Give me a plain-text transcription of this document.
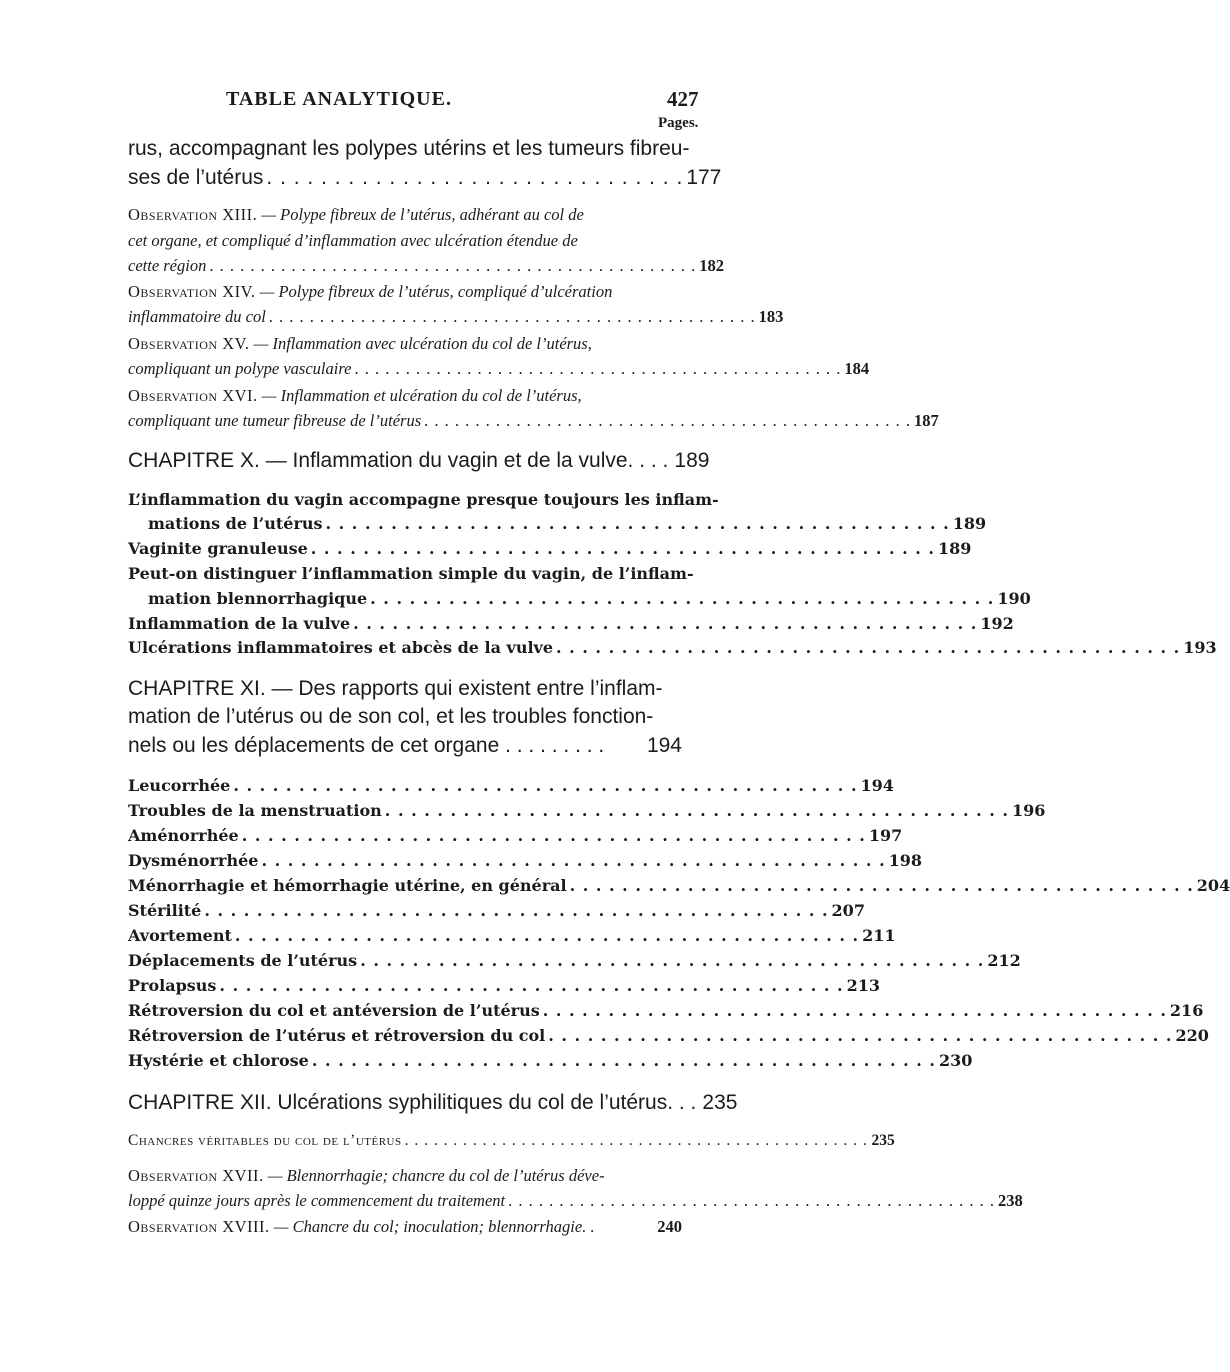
TABLE ANALYTIQUE.	427
Pages.
rus, accompagnant les polypes utérins et les tumeurs fibreu-
ses de l’utérus . . . . . . . . . . . . . . . . . . . . . . . . . . . . . . . 177
Observation XIII. — Polype fibreux de l’utérus, adhérant au col de
cet organe, et compliqué d’inflammation avec ulcération étendue de
cette région . . . . . . . . . . . . . . . . . . . . . . . . . . . . . . . . . . . . . . . . . . . . . . . . 182
Observation XIV. — Polype fibreux de l’utérus, compliqué d’ulcération
inflammatoire du col . . . . . . . . . . . . . . . . . . . . . . . . . . . . . . . . . . . . . . . . . . . . . . . . 183
Observation XV. — Inflammation avec ulcération du col de l’utérus,
compliquant un polype vasculaire . . . . . . . . . . . . . . . . . . . . . . . . . . . . . . . . . . . . . . . . . . . . . . . . 184
Observation XVI. — Inflammation et ulcération du col de l’utérus,
compliquant une tumeur fibreuse de l’utérus . . . . . . . . . . . . . . . . . . . . . . . . . . . . . . . . . . . . . . . . . . . . . . . . 187
CHAPITRE X. — Inflammation du vagin et de la vulve. . . . 189
L’inflammation du vagin accompagne presque toujours les inflam-
mations de l’utérus . . . . . . . . . . . . . . . . . . . . . . . . . . . . . . . . . . . . . . . . . . . . . . . . 189
Vaginite granuleuse . . . . . . . . . . . . . . . . . . . . . . . . . . . . . . . . . . . . . . . . . . . . . . . . 189
Peut-on distinguer l’inflammation simple du vagin, de l’inflam-
mation blennorrhagique . . . . . . . . . . . . . . . . . . . . . . . . . . . . . . . . . . . . . . . . . . . . . . . . 190
Inflammation de la vulve . . . . . . . . . . . . . . . . . . . . . . . . . . . . . . . . . . . . . . . . . . . . . . . . 192
Ulcérations inflammatoires et abcès de la vulve . . . . . . . . . . . . . . . . . . . . . . . . . . . . . . . . . . . . . . . . . . . . . . . . 193
CHAPITRE XI. — Des rapports qui existent entre l’inflam-
mation de l’utérus ou de son col, et les troubles fonction-
nels ou les déplacements de cet organe . . . . . . . . . 194
Leucorrhée . . . . . . . . . . . . . . . . . . . . . . . . . . . . . . . . . . . . . . . . . . . . . . . . 194
Troubles de la menstruation . . . . . . . . . . . . . . . . . . . . . . . . . . . . . . . . . . . . . . . . . . . . . . . . 196
Aménorrhée . . . . . . . . . . . . . . . . . . . . . . . . . . . . . . . . . . . . . . . . . . . . . . . . 197
Dysménorrhée . . . . . . . . . . . . . . . . . . . . . . . . . . . . . . . . . . . . . . . . . . . . . . . . 198
Ménorrhagie et hémorrhagie utérine, en général . . . . . . . . . . . . . . . . . . . . . . . . . . . . . . . . . . . . . . . . . . . . . . . . 204
Stérilité . . . . . . . . . . . . . . . . . . . . . . . . . . . . . . . . . . . . . . . . . . . . . . . . 207
Avortement . . . . . . . . . . . . . . . . . . . . . . . . . . . . . . . . . . . . . . . . . . . . . . . . 211
Déplacements de l’utérus . . . . . . . . . . . . . . . . . . . . . . . . . . . . . . . . . . . . . . . . . . . . . . . . 212
Prolapsus . . . . . . . . . . . . . . . . . . . . . . . . . . . . . . . . . . . . . . . . . . . . . . . . 213
Rétroversion du col et antéversion de l’utérus . . . . . . . . . . . . . . . . . . . . . . . . . . . . . . . . . . . . . . . . . . . . . . . . 216
Rétroversion de l’utérus et rétroversion du col . . . . . . . . . . . . . . . . . . . . . . . . . . . . . . . . . . . . . . . . . . . . . . . . 220
Hystérie et chlorose . . . . . . . . . . . . . . . . . . . . . . . . . . . . . . . . . . . . . . . . . . . . . . . . 230
CHAPITRE XII. Ulcérations syphilitiques du col de l’utérus. . . 235
Chancres véritables du col de l’utérus . . . . . . . . . . . . . . . . . . . . . . . . . . . . . . . . . . . . . . . . . . . . . . . . 235
Observation XVII. — Blennorrhagie; chancre du col de l’utérus déve-
loppé quinze jours après le commencement du traitement . . . . . . . . . . . . . . . . . . . . . . . . . . . . . . . . . . . . . . . . . . . . . . . . 238
Observation XVIII. — Chancre du col; inoculation; blennorrhagie. .	240
